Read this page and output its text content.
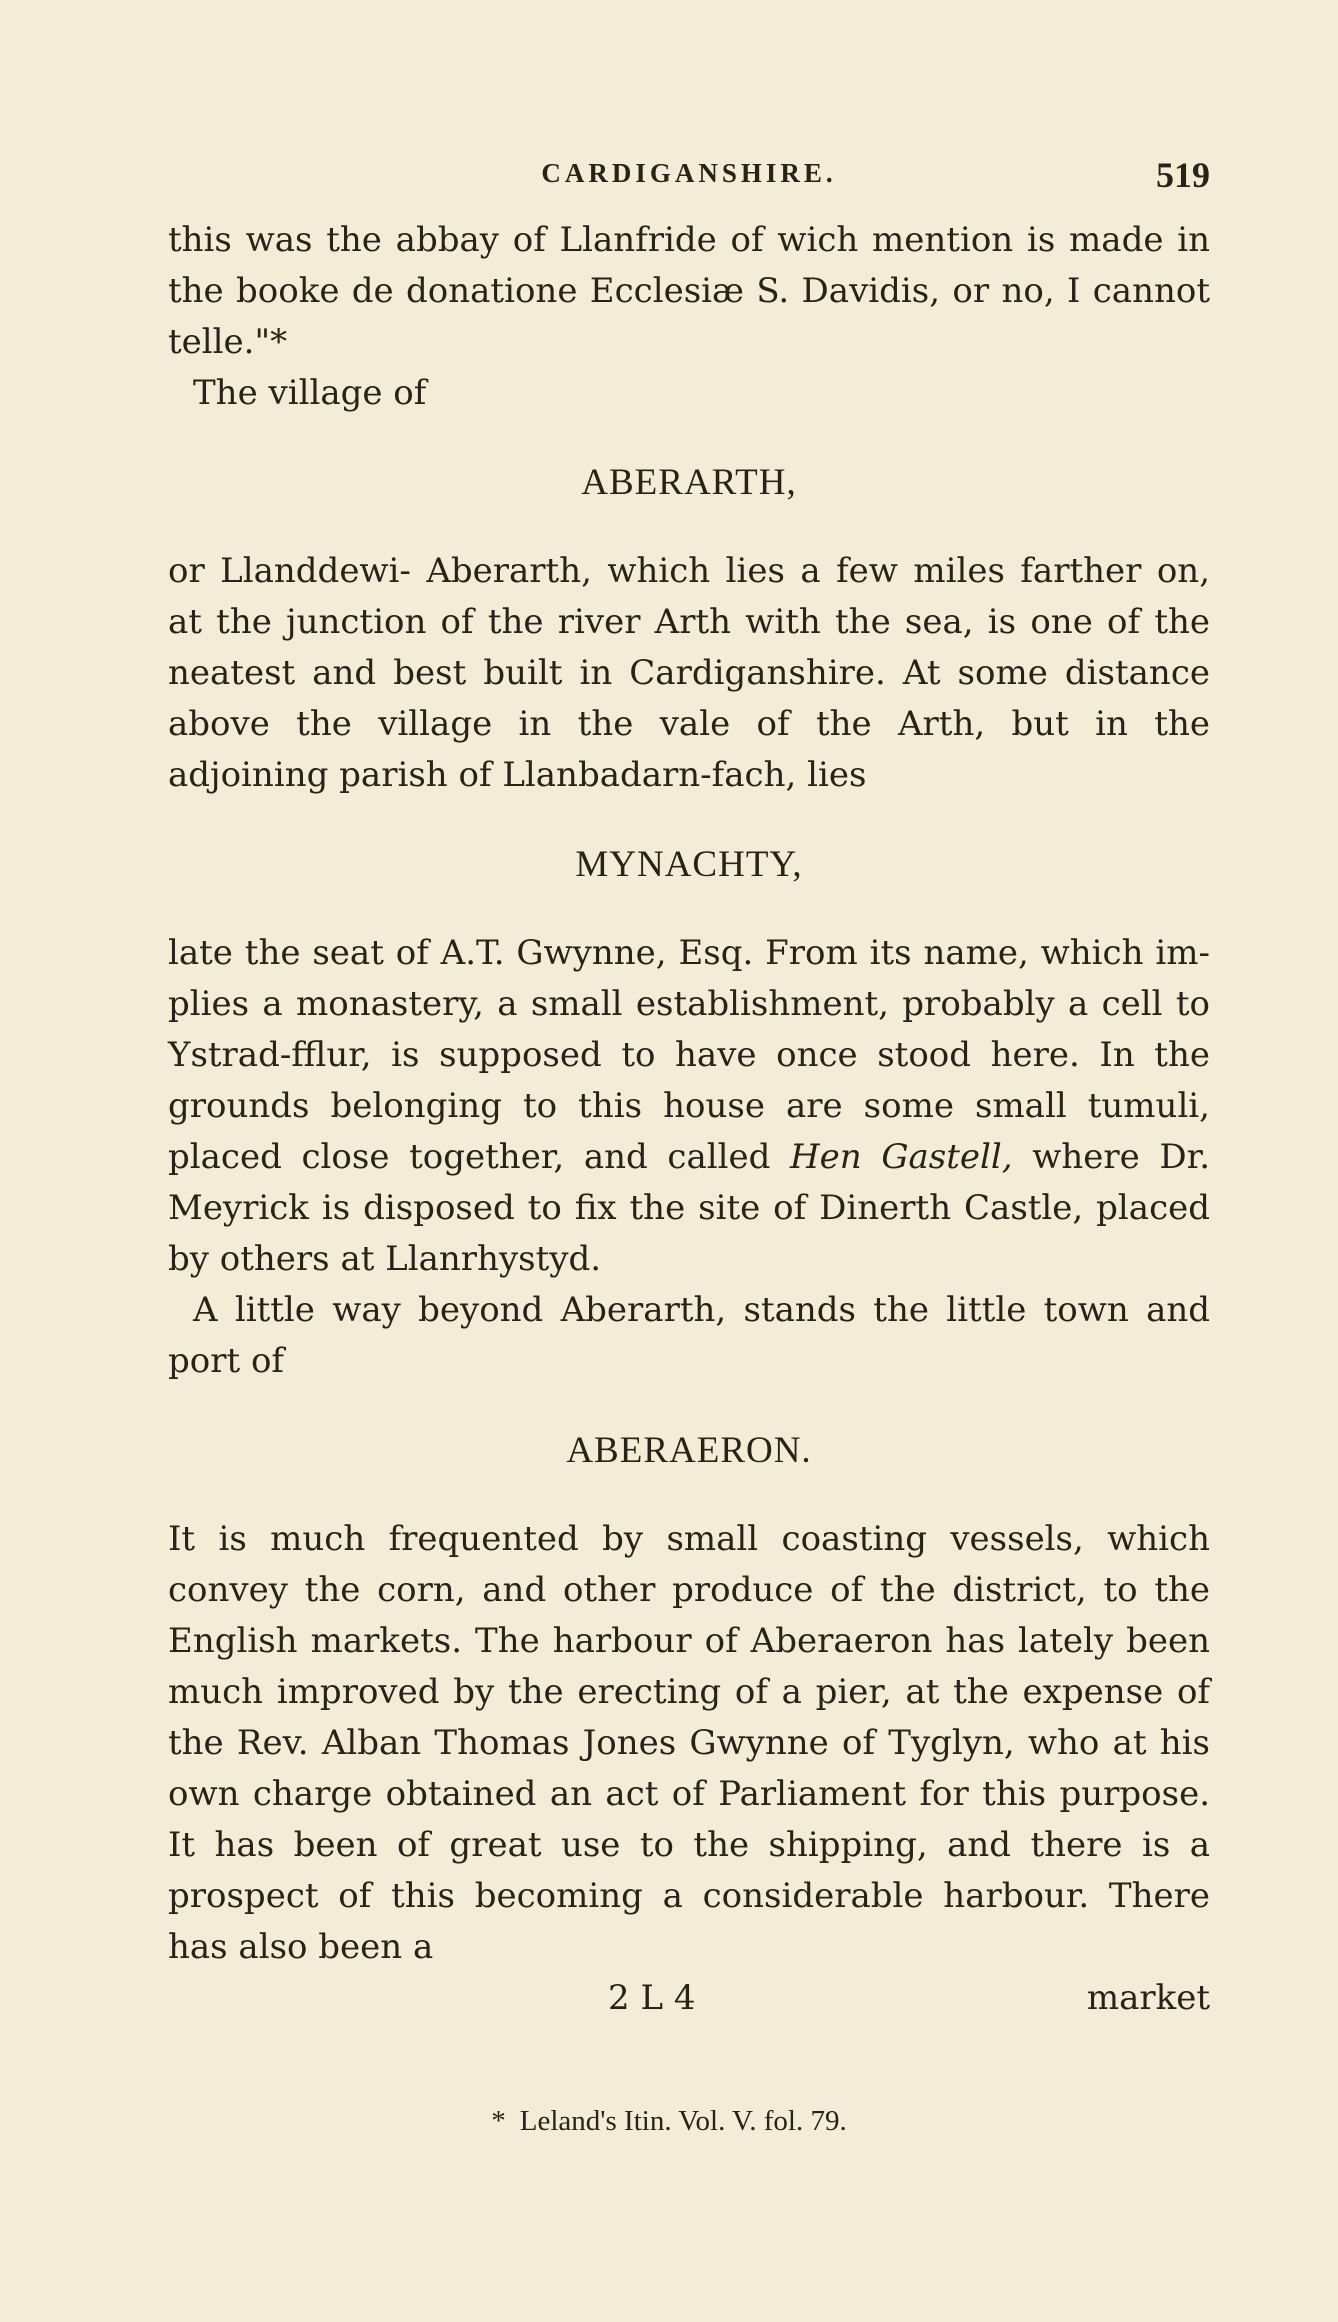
CARDIGANSHIRE.	519

this was the abbay of Llanfride of wich mention is made in the booke de donatione Ecclesiæ S. Davidis, or no, I cannot telle."*

The village of

ABERARTH,

or Llanddewi- Aberarth, which lies a few miles farther on, at the junction of the river Arth with the sea, is one of the neatest and best built in Cardiganshire. At some distance above the village in the vale of the Arth, but in the adjoining parish of Llanbadarn-fach, lies

MYNACHTY,

late the seat of A.T. Gwynne, Esq. From its name, which implies a monastery, a small establishment, probably a cell to Ystrad-fflur, is supposed to have once stood here. In the grounds belonging to this house are some small tumuli, placed close together, and called Hen Gastell, where Dr. Meyrick is disposed to fix the site of Dinerth Castle, placed by others at Llanrhystyd.

A little way beyond Aberarth, stands the little town and port of

ABERAERON.

It is much frequented by small coasting vessels, which convey the corn, and other produce of the district, to the English markets. The harbour of Aberaeron has lately been much improved by the erecting of a pier, at the expense of the Rev. Alban Thomas Jones Gwynne of Tyglyn, who at his own charge obtained an act of Parliament for this purpose. It has been of great use to the shipping, and there is a prospect of this becoming a considerable harbour. There has also been a

2 L 4	market
* Leland's Itin. Vol. V. fol. 79.
